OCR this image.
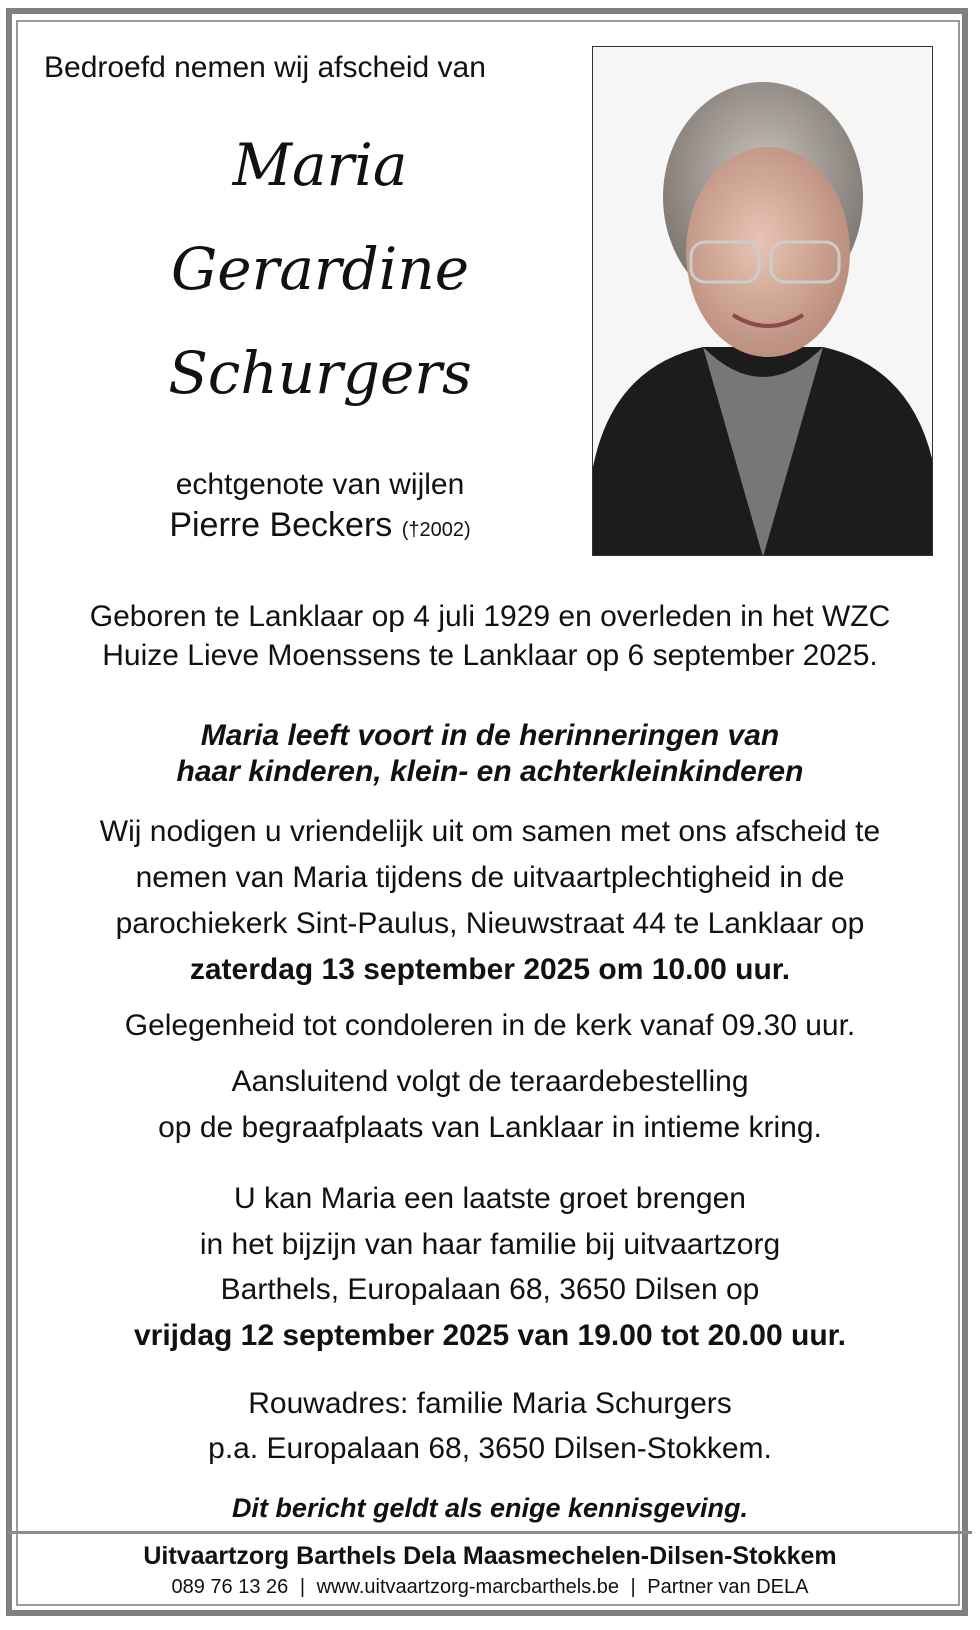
Bedroefd nemen wij afscheid van
Maria
Gerardine
Schurgers
echtgenote van wijlen
Pierre Beckers (†2002)
Geboren te Lanklaar op 4 juli 1929 en overleden in het WZC
Huize Lieve Moenssens te Lanklaar op 6 september 2025.
Maria leeft voort in de herinneringen van
haar kinderen, klein- en achterkleinkinderen
Wij nodigen u vriendelijk uit om samen met ons afscheid te
nemen van Maria tijdens de uitvaartplechtigheid in de
parochiekerk Sint-Paulus, Nieuwstraat 44 te Lanklaar op
zaterdag 13 september 2025 om 10.00 uur.
Gelegenheid tot condoleren in de kerk vanaf 09.30 uur.
Aansluitend volgt de teraardebestelling
op de begraafplaats van Lanklaar in intieme kring.
U kan Maria een laatste groet brengen
in het bijzijn van haar familie bij uitvaartzorg
Barthels, Europalaan 68, 3650 Dilsen op
vrijdag 12 september 2025 van 19.00 tot 20.00 uur.
Rouwadres: familie Maria Schurgers
p.a. Europalaan 68, 3650 Dilsen-Stokkem.
Dit bericht geldt als enige kennisgeving.
Uitvaartzorg Barthels Dela Maasmechelen-Dilsen-Stokkem
089 76 13 26 | www.uitvaartzorg-marcbarthels.be | Partner van DELA
